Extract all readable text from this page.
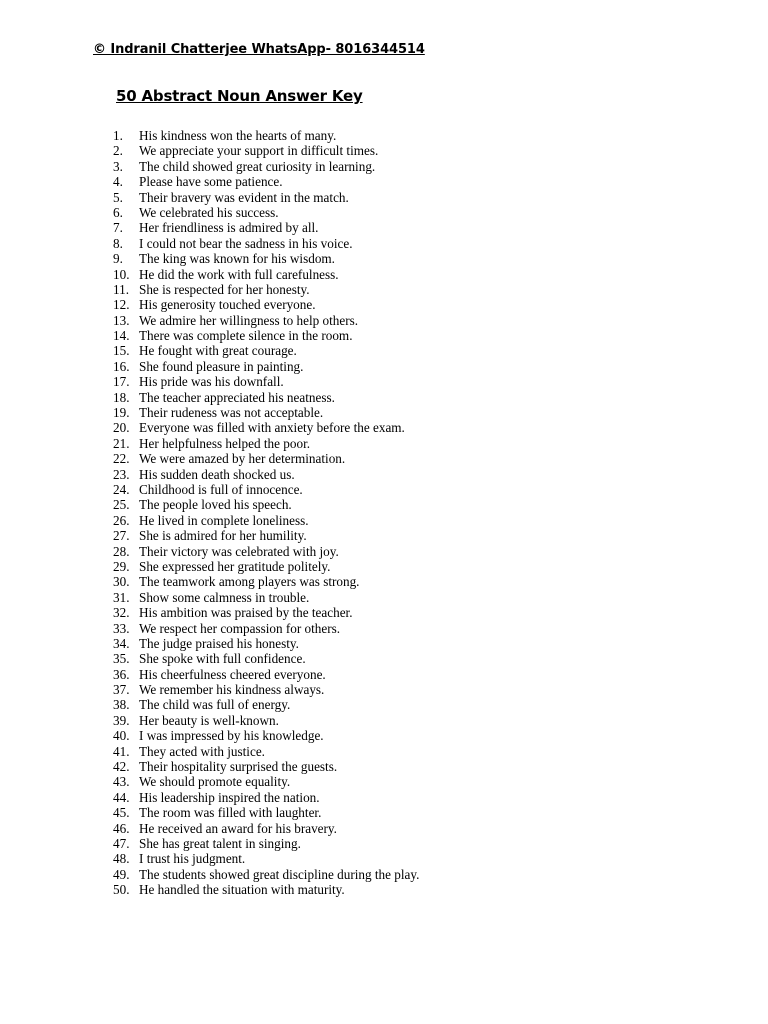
© Indranil Chatterjee WhatsApp- 8016344514
50 Abstract Noun Answer Key
1.	His kindness won the hearts of many.
2.	We appreciate your support in difficult times.
3.	The child showed great curiosity in learning.
4.	Please have some patience.
5.	Their bravery was evident in the match.
6.	We celebrated his success.
7.	Her friendliness is admired by all.
8.	I could not bear the sadness in his voice.
9.	The king was known for his wisdom.
10. He did the work with full carefulness.
11. She is respected for her honesty.
12. His generosity touched everyone.
13. We admire her willingness to help others.
14. There was complete silence in the room.
15. He fought with great courage.
16. She found pleasure in painting.
17. His pride was his downfall.
18. The teacher appreciated his neatness.
19. Their rudeness was not acceptable.
20. Everyone was filled with anxiety before the exam.
21. Her helpfulness helped the poor.
22. We were amazed by her determination.
23. His sudden death shocked us.
24. Childhood is full of innocence.
25. The people loved his speech.
26. He lived in complete loneliness.
27. She is admired for her humility.
28. Their victory was celebrated with joy.
29. She expressed her gratitude politely.
30. The teamwork among players was strong.
31. Show some calmness in trouble.
32. His ambition was praised by the teacher.
33. We respect her compassion for others.
34. The judge praised his honesty.
35. She spoke with full confidence.
36. His cheerfulness cheered everyone.
37. We remember his kindness always.
38. The child was full of energy.
39. Her beauty is well-known.
40. I was impressed by his knowledge.
41. They acted with justice.
42. Their hospitality surprised the guests.
43. We should promote equality.
44. His leadership inspired the nation.
45. The room was filled with laughter.
46. He received an award for his bravery.
47. She has great talent in singing.
48. I trust his judgment.
49. The students showed great discipline during the play.
50. He handled the situation with maturity.
